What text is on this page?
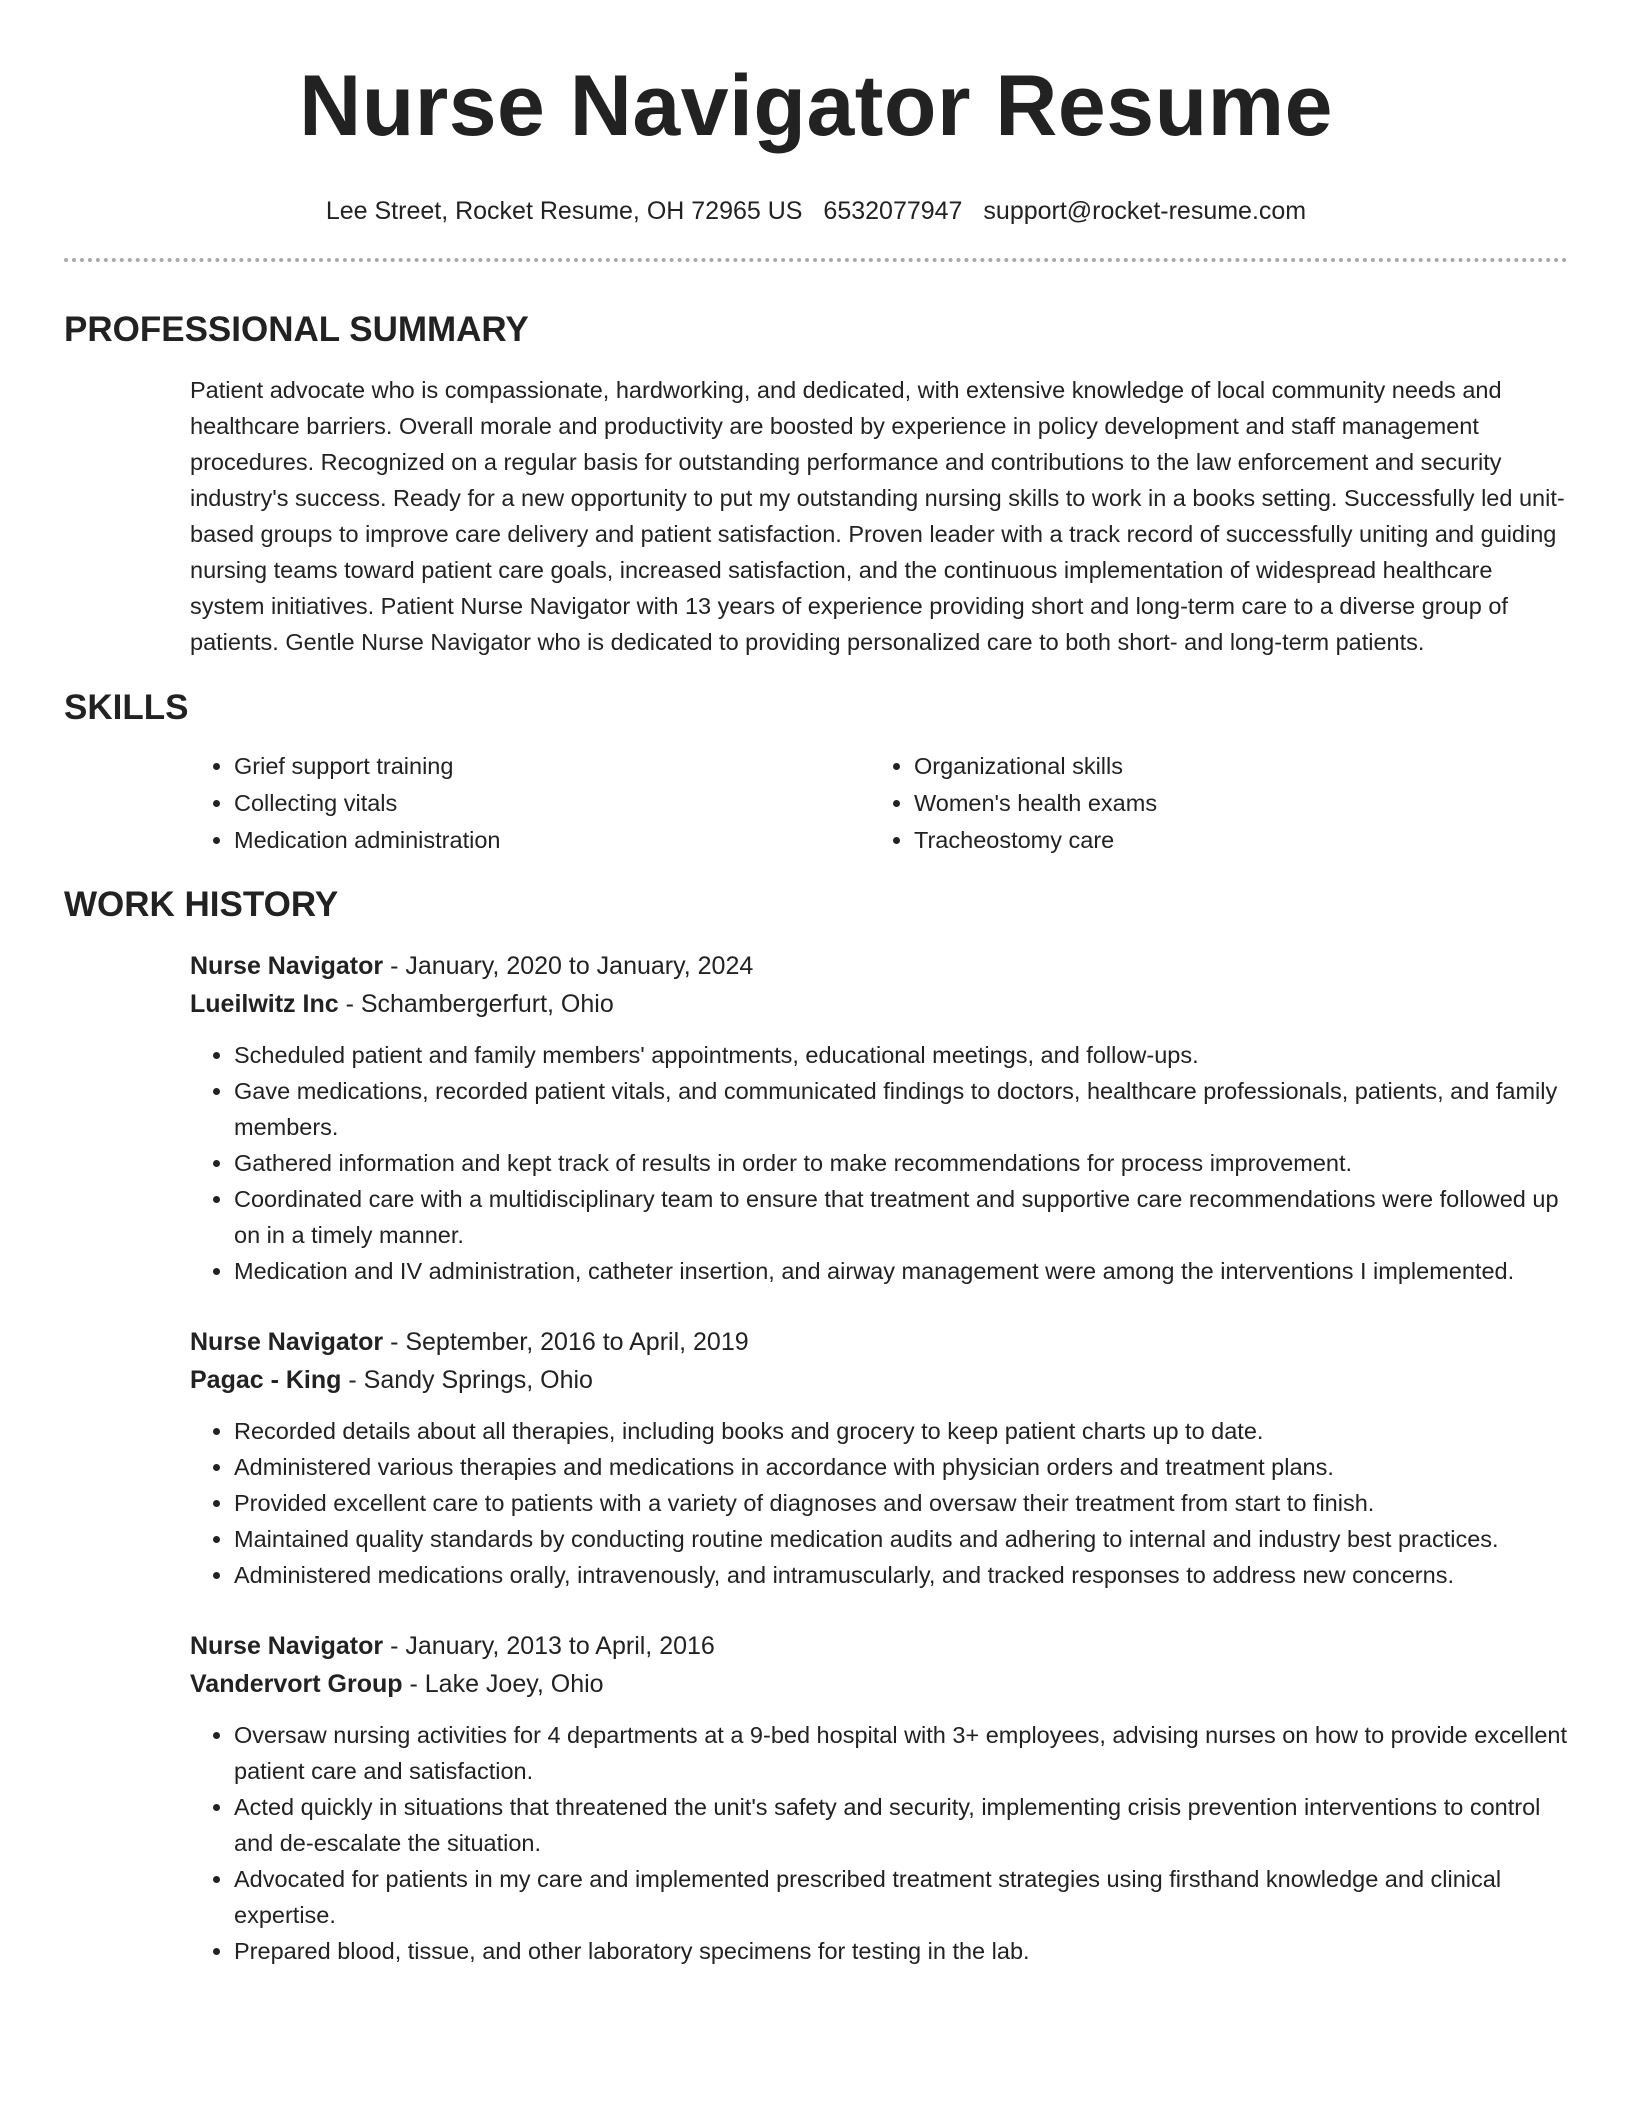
Nurse Navigator Resume
Lee Street, Rocket Resume, OH 72965 US 6532077947 support@rocket-resume.com
PROFESSIONAL SUMMARY

Patient advocate who is compassionate, hardworking, and dedicated, with extensive knowledge of local community needs and healthcare barriers. Overall morale and productivity are boosted by experience in policy development and staff management procedures. Recognized on a regular basis for outstanding performance and contributions to the law enforcement and security industry's success. Ready for a new opportunity to put my outstanding nursing skills to work in a books setting. Successfully led unit-based groups to improve care delivery and patient satisfaction. Proven leader with a track record of successfully uniting and guiding nursing teams toward patient care goals, increased satisfaction, and the continuous implementation of widespread healthcare system initiatives. Patient Nurse Navigator with 13 years of experience providing short and long-term care to a diverse group of patients. Gentle Nurse Navigator who is dedicated to providing personalized care to both short- and long-term patients.

SKILLS
• Grief support training
• Collecting vitals
• Medication administration
• Organizational skills
• Women's health exams
• Tracheostomy care
WORK HISTORY
Nurse Navigator - January, 2020 to January, 2024
Lueilwitz Inc - Schambergerfurt, Ohio
• Scheduled patient and family members' appointments, educational meetings, and follow-ups.
• Gave medications, recorded patient vitals, and communicated findings to doctors, healthcare professionals, patients, and family members.
• Gathered information and kept track of results in order to make recommendations for process improvement.
• Coordinated care with a multidisciplinary team to ensure that treatment and supportive care recommendations were followed up on in a timely manner.
• Medication and IV administration, catheter insertion, and airway management were among the interventions I implemented.
Nurse Navigator - September, 2016 to April, 2019
Pagac - King - Sandy Springs, Ohio
• Recorded details about all therapies, including books and grocery to keep patient charts up to date.
• Administered various therapies and medications in accordance with physician orders and treatment plans.
• Provided excellent care to patients with a variety of diagnoses and oversaw their treatment from start to finish.
• Maintained quality standards by conducting routine medication audits and adhering to internal and industry best practices.
• Administered medications orally, intravenously, and intramuscularly, and tracked responses to address new concerns.
Nurse Navigator - January, 2013 to April, 2016
Vandervort Group - Lake Joey, Ohio
• Oversaw nursing activities for 4 departments at a 9-bed hospital with 3+ employees, advising nurses on how to provide excellent patient care and satisfaction.
• Acted quickly in situations that threatened the unit's safety and security, implementing crisis prevention interventions to control and de-escalate the situation.
• Advocated for patients in my care and implemented prescribed treatment strategies using firsthand knowledge and clinical expertise.
• Prepared blood, tissue, and other laboratory specimens for testing in the lab.
